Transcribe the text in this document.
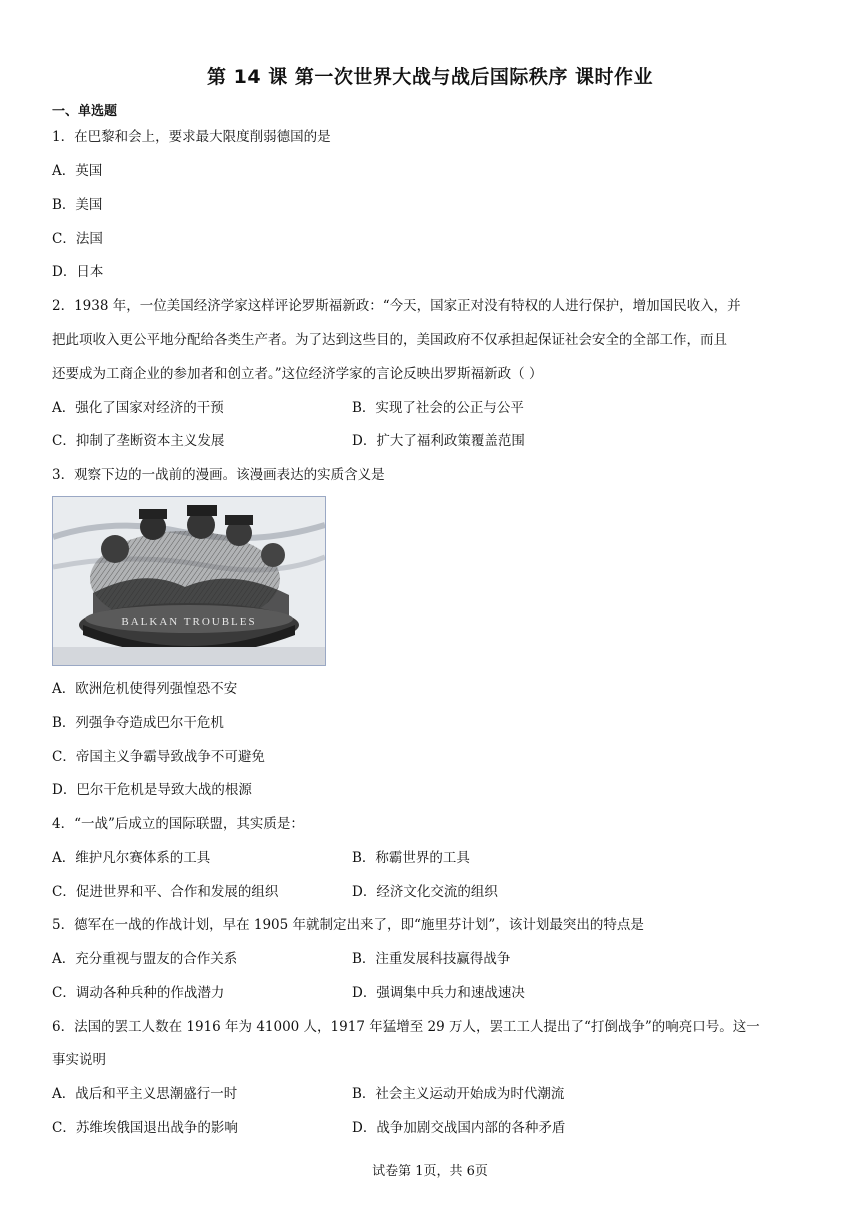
第 14 课 第一次世界大战与战后国际秩序 课时作业
一、单选题
1．在巴黎和会上，要求最大限度削弱德国的是
A．英国
B．美国
C．法国
D．日本
2．1938 年，一位美国经济学家这样评论罗斯福新政：“今天，国家正对没有特权的人进行保护，增加国民收入，并
把此项收入更公平地分配给各类生产者。为了达到这些目的，美国政府不仅承担起保证社会安全的全部工作，而且
还要成为工商企业的参加者和创立者。”这位经济学家的言论反映出罗斯福新政（ ）
A．强化了国家对经济的干预	B．实现了社会的公正与公平
C．抑制了垄断资本主义发展	D．扩大了福利政策覆盖范围
3．观察下边的一战前的漫画。该漫画表达的实质含义是
BALKAN TROUBLES
A．欧洲危机使得列强惶恐不安
B．列强争夺造成巴尔干危机
C．帝国主义争霸导致战争不可避免
D．巴尔干危机是导致大战的根源
4．“一战”后成立的国际联盟，其实质是：
A．维护凡尔赛体系的工具	B．称霸世界的工具
C．促进世界和平、合作和发展的组织	D．经济文化交流的组织
5．德军在一战的作战计划，早在 1905 年就制定出来了，即“施里芬计划”，该计划最突出的特点是
A．充分重视与盟友的合作关系	B．注重发展科技赢得战争
C．调动各种兵种的作战潜力	D．强调集中兵力和速战速决
6．法国的罢工人数在 1916 年为 41000 人，1917 年猛增至 29 万人，罢工工人提出了“打倒战争”的响亮口号。这一
事实说明
A．战后和平主义思潮盛行一时	B．社会主义运动开始成为时代潮流
C．苏维埃俄国退出战争的影响	D．战争加剧交战国内部的各种矛盾
试卷第 1页，共 6页
